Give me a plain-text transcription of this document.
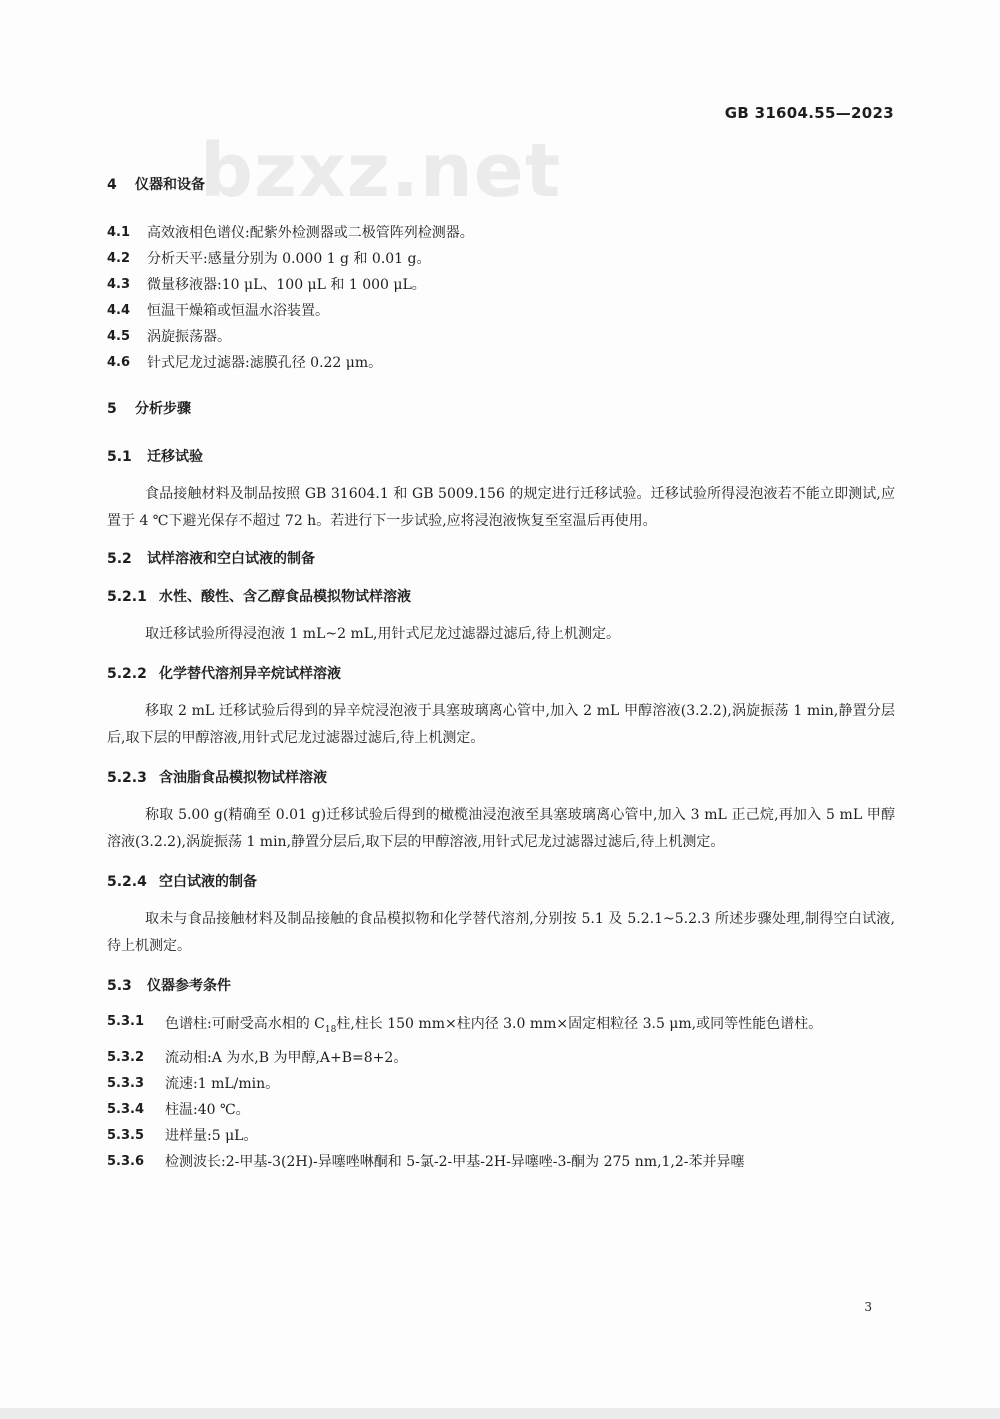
bzxz.net
GB 31604.55—2023
4	仪器和设备
4.1	高效液相色谱仪:配紫外检测器或二极管阵列检测器。
4.2	分析天平:感量分别为 0.000 1 g 和 0.01 g。
4.3	微量移液器:10 μL、100 μL 和 1 000 μL。
4.4	恒温干燥箱或恒温水浴装置。
4.5	涡旋振荡器。
4.6	针式尼龙过滤器:滤膜孔径 0.22 μm。
5	分析步骤
5.1	迁移试验
食品接触材料及制品按照 GB 31604.1 和 GB 5009.156 的规定进行迁移试验。迁移试验所得浸泡液若不能立即测试,应置于 4 ℃下避光保存不超过 72 h。若进行下一步试验,应将浸泡液恢复至室温后再使用。
5.2	试样溶液和空白试液的制备
5.2.1 水性、酸性、含乙醇食品模拟物试样溶液
取迁移试验所得浸泡液 1 mL~2 mL,用针式尼龙过滤器过滤后,待上机测定。
5.2.2 化学替代溶剂异辛烷试样溶液
移取 2 mL 迁移试验后得到的异辛烷浸泡液于具塞玻璃离心管中,加入 2 mL 甲醇溶液(3.2.2),涡旋振荡 1 min,静置分层后,取下层的甲醇溶液,用针式尼龙过滤器过滤后,待上机测定。
5.2.3 含油脂食品模拟物试样溶液
称取 5.00 g(精确至 0.01 g)迁移试验后得到的橄榄油浸泡液至具塞玻璃离心管中,加入 3 mL 正己烷,再加入 5 mL 甲醇溶液(3.2.2),涡旋振荡 1 min,静置分层后,取下层的甲醇溶液,用针式尼龙过滤器过滤后,待上机测定。
5.2.4 空白试液的制备
取未与食品接触材料及制品接触的食品模拟物和化学替代溶剂,分别按 5.1 及 5.2.1~5.2.3 所述步骤处理,制得空白试液,待上机测定。
5.3	仪器参考条件
5.3.1	色谱柱:可耐受高水相的 $C_{18}$柱,柱长 150 mm×柱内径 3.0 mm×固定相粒径 3.5 μm,或同等性能色谱柱。
5.3.2	流动相:A 为水,B 为甲醇,A+B=8+2。
5.3.3	流速:1 mL/min。
5.3.4	柱温:40 ℃。
5.3.5	进样量:5 μL。
5.3.6	检测波长:2-甲基-3(2H)-异噻唑啉酮和 5-氯-2-甲基-2H-异噻唑-3-酮为 275 nm,1,2-苯并异噻
3
